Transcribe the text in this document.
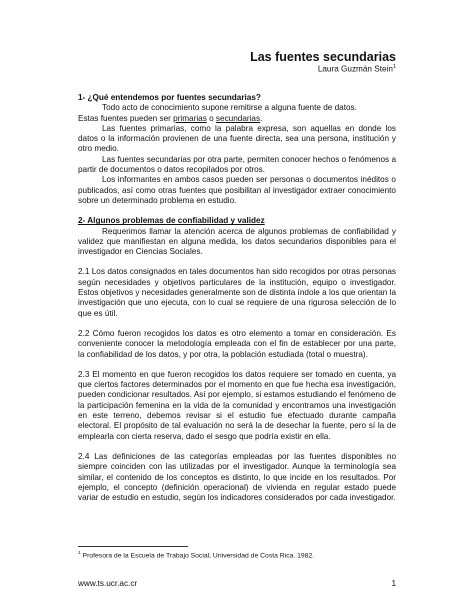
Las fuentes secundarias
Laura Guzmán Stein$^1$
1- ¿Qué entendemos por fuentes secundarias?

Todo acto de conocimiento supone remitirse a alguna fuente de datos.

Estas fuentes pueden ser primarias o secundarias.

Las fuentes primarias, como la palabra expresa, son aquellas en donde los datos o la información provienen de una fuente directa, sea una persona, institución y otro medio.

Las fuentes secundarias por otra parte, permiten conocer hechos o fenómenos a partir de documentos o datos recopilados por otros.

Los informantes en ambos casos pueden ser personas o documentos inéditos o publicados, así como otras fuentes que posibilitan al investigador extraer conocimiento sobre un determinado problema en estudio.

2- Algunos problemas de confiabilidad y validez

Requerimos llamar la atención acerca de algunos problemas de confiabilidad y validez que manifiestan en alguna medida, los datos secundarios disponibles para el investigador en Ciencias Sociales.

2.1 Los datos consignados en tales documentos han sido recogidos por otras personas según necesidades y objetivos particulares de la institución, equipo o investigador. Estos objetivos y necesidades generalmente son de distinta índole a los que orientan la investigación que uno ejecuta, con lo cual se requiere de una rigurosa selección de lo que es útil.

2.2 Cómo fueron recogidos los datos es otro elemento a tomar en consideración. Es conveniente conocer la metodología empleada con el fin de establecer por una parte, la confiabilidad de los datos, y por otra, la población estudiada (total o muestra).

2.3 El momento en que fueron recogidos los datos requiere ser tomado en cuenta, ya que ciertos factores determinados por el momento en que fue hecha esa investigación, pueden condicionar resultados. Así por ejemplo, si estamos estudiando el fenómeno de la participación femenina en la vida de la comunidad y encontramos una investigación en este terreno, debemos revisar si el estudio fue efectuado durante campaña electoral. El propósito de tal evaluación no será la de desechar la fuente, pero sí la de emplearla con cierta reserva, dado el sesgo que podría existir en ella.

2.4 Las definiciones de las categorías empleadas por las fuentes disponibles no siempre coinciden con las utilizadas por el investigador. Aunque la terminología sea similar, el contenido de los conceptos es distinto, lo que incide en los resultados. Por ejemplo, el concepto (definición operacional) de vivienda en regular estado puede variar de estudio en estudio, según los indicadores considerados por cada investigador.

$^1$ Profesora de la Escuela de Trabajo Social, Universidad de Costa Rica. 1982.
www.ts.ucr.ac.cr	1
